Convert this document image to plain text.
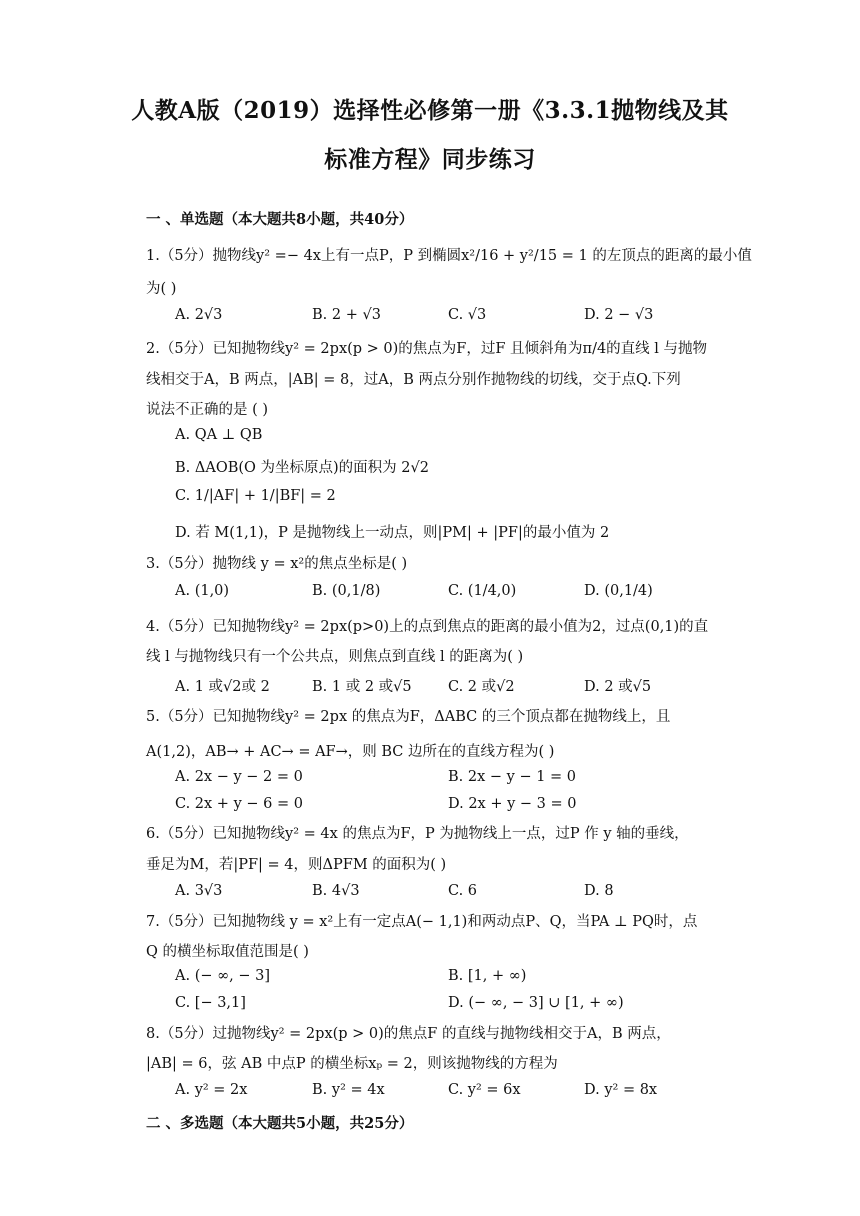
人教A版（2019）选择性必修第一册《3.3.1抛物线及其
标准方程》同步练习
一 、单选题（本大题共8小题，共40分）
1.（5分）抛物线y² =− 4x上有一点P，P 到椭圆x²/16 + y²/15 = 1 的左顶点的距离的最小值
为( )
A. 2√3	B. 2 + √3	C. √3	D. 2 − √3
2.（5分）已知抛物线y² = 2px(p > 0)的焦点为F，过F 且倾斜角为π/4的直线 l 与抛物
线相交于A，B 两点，|AB| = 8，过A，B 两点分别作抛物线的切线，交于点Q.下列
说法不正确的是 ( )
A. QA ⊥ QB
B. ΔAOB(O 为坐标原点)的面积为 2√2
C. 1/|AF| + 1/|BF| = 2
D. 若 M(1,1)，P 是抛物线上一动点，则|PM| + |PF|的最小值为 2
3.（5分）抛物线 y = x²的焦点坐标是( )
A. (1,0)	B. (0,1/8)	C. (1/4,0)	D. (0,1/4)
4.（5分）已知抛物线y² = 2px(p>0)上的点到焦点的距离的最小值为2，过点(0,1)的直
线 l 与抛物线只有一个公共点，则焦点到直线 l 的距离为( )
A. 1 或√2或 2	B. 1 或 2 或√5	C. 2 或√2	D. 2 或√5
5.（5分）已知抛物线y² = 2px 的焦点为F，ΔABC 的三个顶点都在抛物线上，且
A(1,2)，AB→ + AC→ = AF→，则 BC 边所在的直线方程为( )
A. 2x − y − 2 = 0	B. 2x − y − 1 = 0
C. 2x + y − 6 = 0	D. 2x + y − 3 = 0
6.（5分）已知抛物线y² = 4x 的焦点为F，P 为抛物线上一点，过P 作 y 轴的垂线，
垂足为M，若|PF| = 4，则ΔPFM 的面积为( )
A. 3√3	B. 4√3	C. 6	D. 8
7.（5分）已知抛物线 y = x²上有一定点A(− 1,1)和两动点P、Q，当PA ⊥ PQ时，点
Q 的横坐标取值范围是( )
A. (− ∞, − 3]	B. [1, + ∞)
C. [− 3,1]	D. (− ∞, − 3] ∪ [1, + ∞)
8.（5分）过抛物线y² = 2px(p > 0)的焦点F 的直线与抛物线相交于A，B 两点，
|AB| = 6，弦 AB 中点P 的横坐标xₚ = 2，则该抛物线的方程为
A. y² = 2x	B. y² = 4x	C. y² = 6x	D. y² = 8x
二 、多选题（本大题共5小题，共25分）
